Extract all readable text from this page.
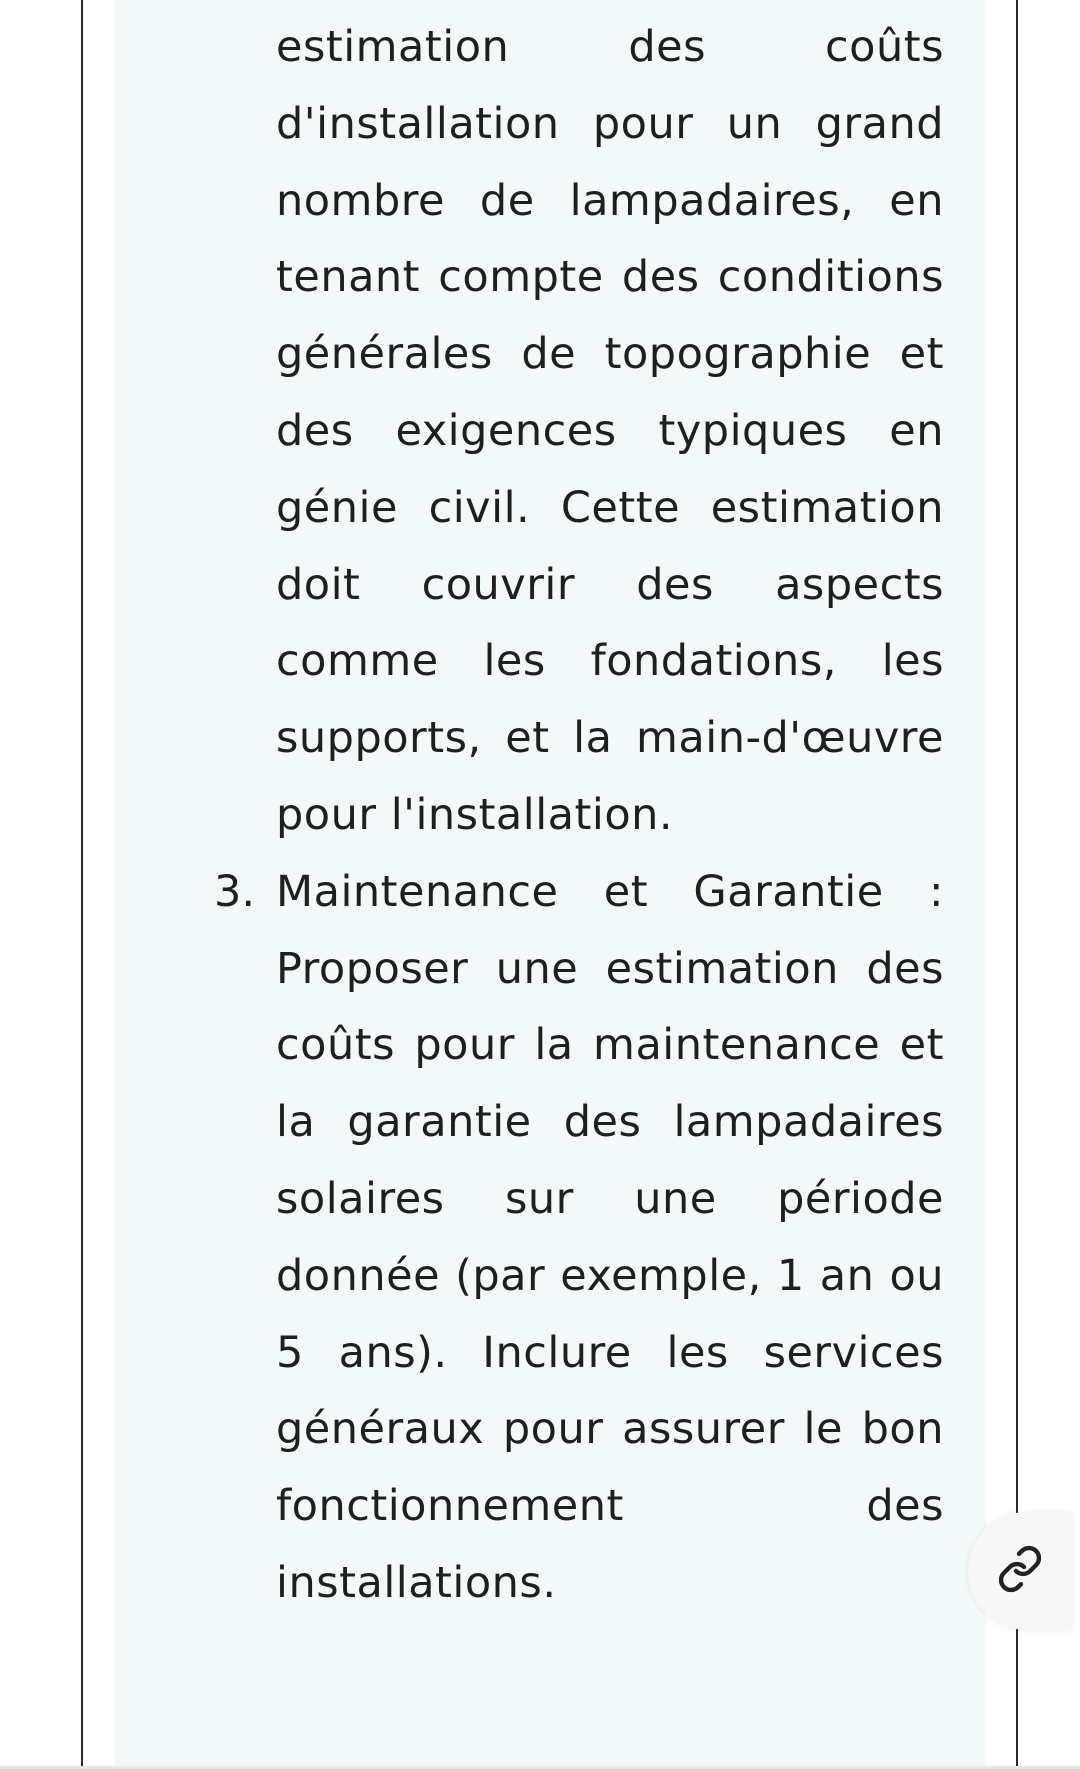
estimation des coûts d'installation pour un grand nombre de lampadaires, en tenant compte des conditions générales de topographie et des exigences typiques en génie civil. Cette estimation doit couvrir des aspects comme les fondations, les supports, et la main-d'œuvre pour l'installation.

3. Maintenance et Garantie : Proposer une estimation des coûts pour la maintenance et la garantie des lampadaires solaires sur une période donnée (par exemple, 1 an ou 5 ans). Inclure les services généraux pour assurer le bon fonctionnement des installations.
